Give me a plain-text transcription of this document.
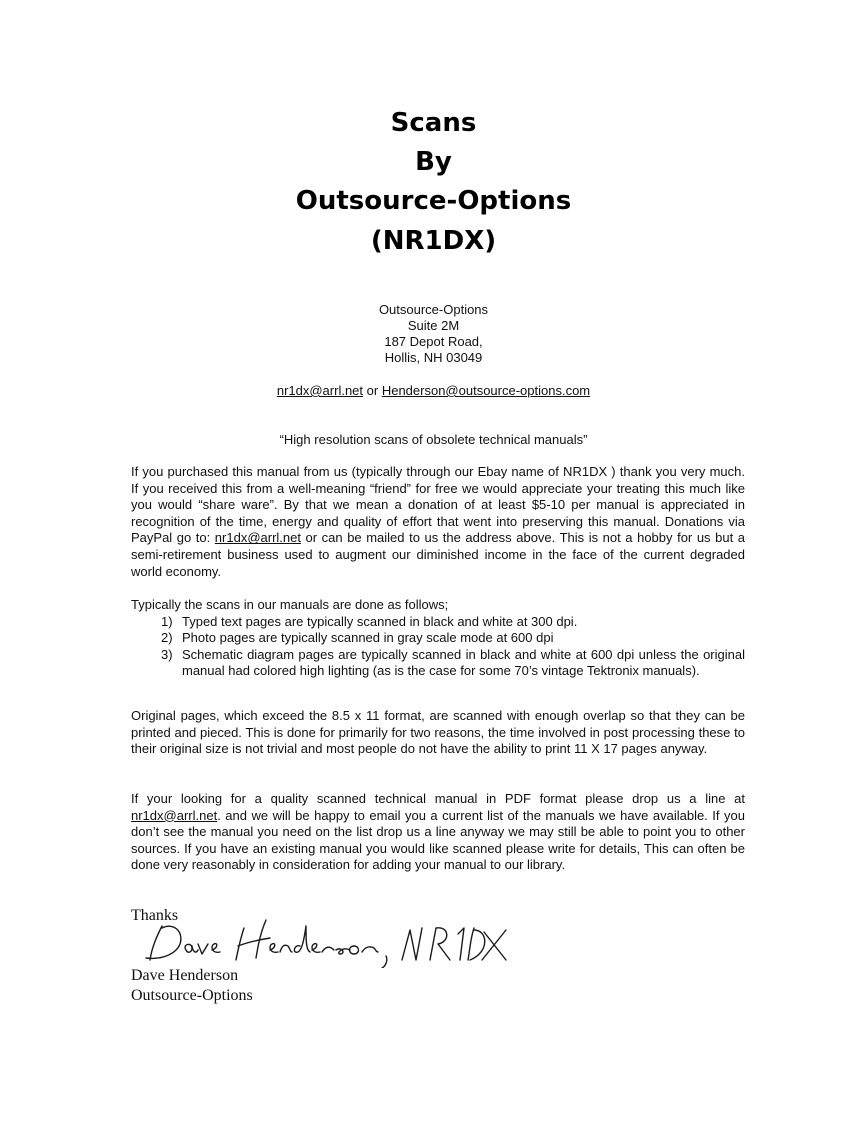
Scans
By
Outsource-Options
(NR1DX)
Outsource-Options
Suite 2M
187 Depot Road,
Hollis, NH 03049
nr1dx@arrl.net or Henderson@outsource-options.com
“High resolution scans of obsolete technical manuals”
If you purchased this manual from us (typically through our Ebay name of NR1DX ) thank you very much. If you received this from a well-meaning “friend” for free we would appreciate your treating this much like you would “share ware”. By that we mean a donation of at least $5-10 per manual is appreciated in recognition of the time, energy and quality of effort that went into preserving this manual. Donations via PayPal go to: nr1dx@arrl.net or can be mailed to us the address above. This is not a hobby for us but a semi-retirement business used to augment our diminished income in the face of the current degraded world economy.
Typically the scans in our manuals are done as follows;
1) Typed text pages are typically scanned in black and white at 300 dpi.
2) Photo pages are typically scanned in gray scale mode at 600 dpi
3) Schematic diagram pages are typically scanned in black and white at 600 dpi unless the original manual had colored high lighting (as is the case for some 70’s vintage Tektronix manuals).
Original pages, which exceed the 8.5 x 11 format, are scanned with enough overlap so that they can be printed and pieced. This is done for primarily for two reasons, the time involved in post processing these to their original size is not trivial and most people do not have the ability to print 11 X 17 pages anyway.
If your looking for a quality scanned technical manual in PDF format please drop us a line at nr1dx@arrl.net. and we will be happy to email you a current list of the manuals we have available. If you don’t see the manual you need on the list drop us a line anyway we may still be able to point you to other sources. If you have an existing manual you would like scanned please write for details, This can often be done very reasonably in consideration for adding your manual to our library.
Thanks
Dave Henderson
Outsource-Options
